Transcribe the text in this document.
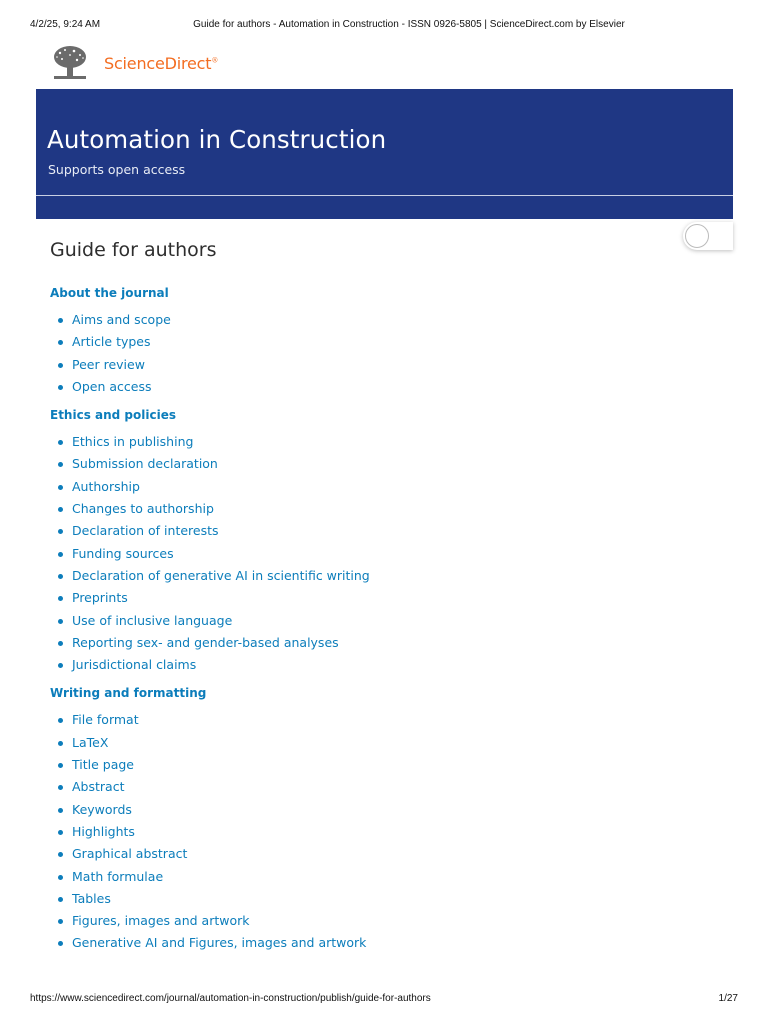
4/2/25, 9:24 AM	Guide for authors - Automation in Construction - ISSN 0926-5805 | ScienceDirect.com by Elsevier
ScienceDirect®
Automation in Construction
Supports open access
Guide for authors
About the journal
Aims and scope
Article types
Peer review
Open access
Ethics and policies
Ethics in publishing
Submission declaration
Authorship
Changes to authorship
Declaration of interests
Funding sources
Declaration of generative AI in scientific writing
Preprints
Use of inclusive language
Reporting sex- and gender-based analyses
Jurisdictional claims
Writing and formatting
File format
LaTeX
Title page
Abstract
Keywords
Highlights
Graphical abstract
Math formulae
Tables
Figures, images and artwork
Generative AI and Figures, images and artwork
https://www.sciencedirect.com/journal/automation-in-construction/publish/guide-for-authors	1/27
